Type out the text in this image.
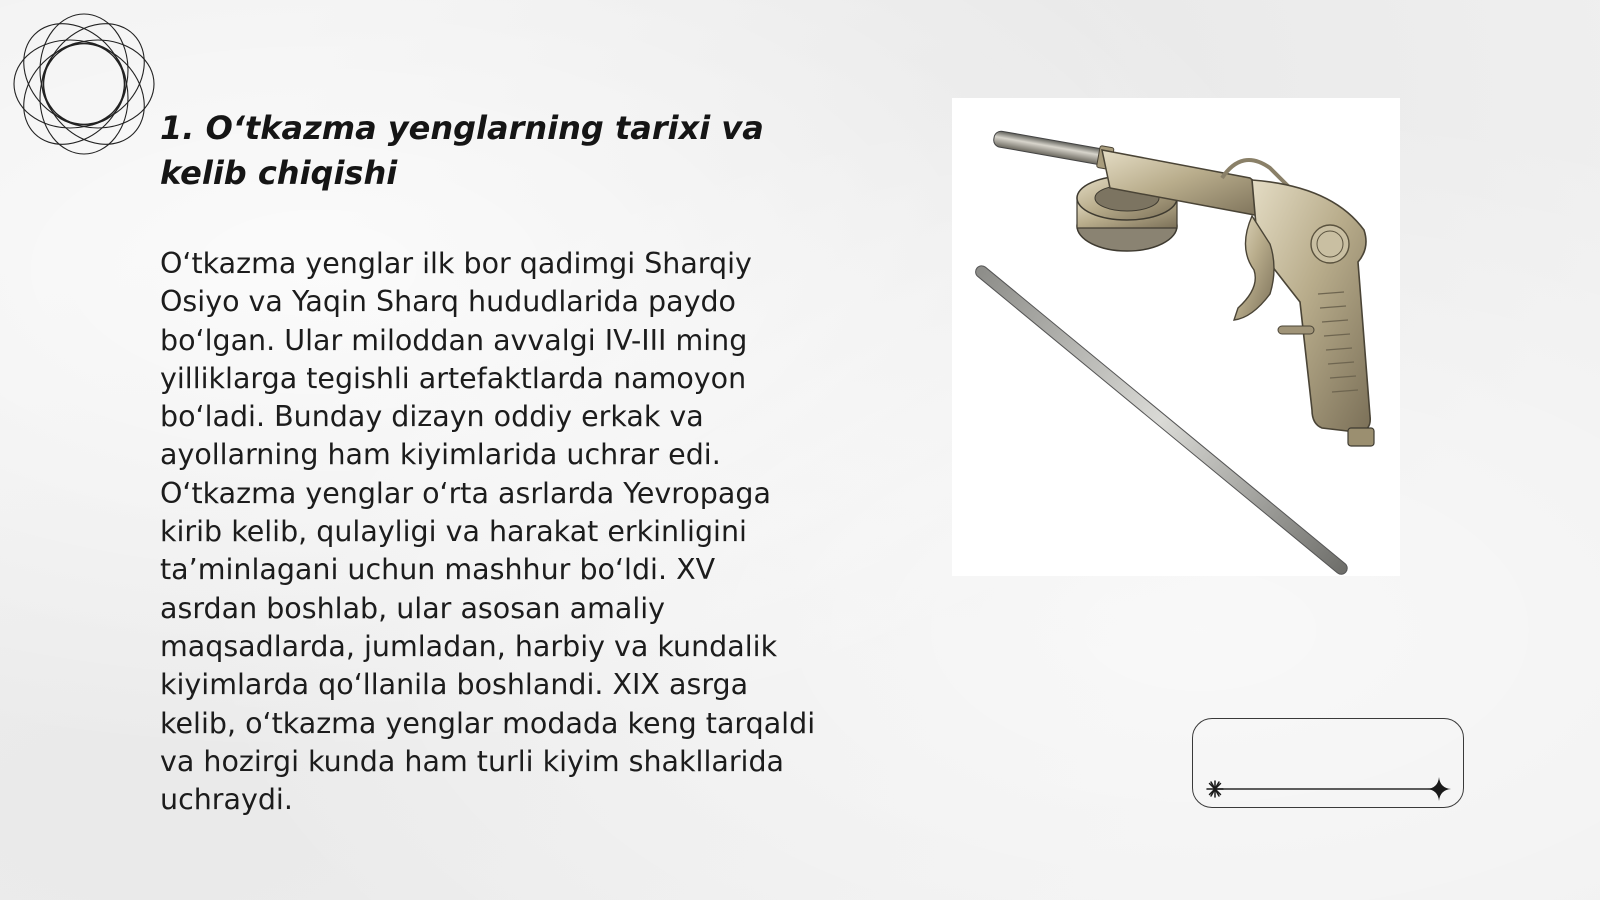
1. O‘tkazma yenglarning tarixi va kelib chiqishi

O‘tkazma yenglar ilk bor qadimgi Sharqiy Osiyo va Yaqin Sharq hududlarida paydo bo‘lgan. Ular miloddan avvalgi IV-III ming yilliklarga tegishli artefaktlarda namoyon bo‘ladi. Bunday dizayn oddiy erkak va ayollarning ham kiyimlarida uchrar edi. O‘tkazma yenglar o‘rta asrlarda Yevropaga kirib kelib, qulayligi va harakat erkinligini ta’minlagani uchun mashhur bo‘ldi. XV asrdan boshlab, ular asosan amaliy maqsadlarda, jumladan, harbiy va kundalik kiyimlarda qo‘llanila boshlandi. XIX asrga kelib, o‘tkazma yenglar modada keng tarqaldi va hozirgi kunda ham turli kiyim shakllarida uchraydi.
